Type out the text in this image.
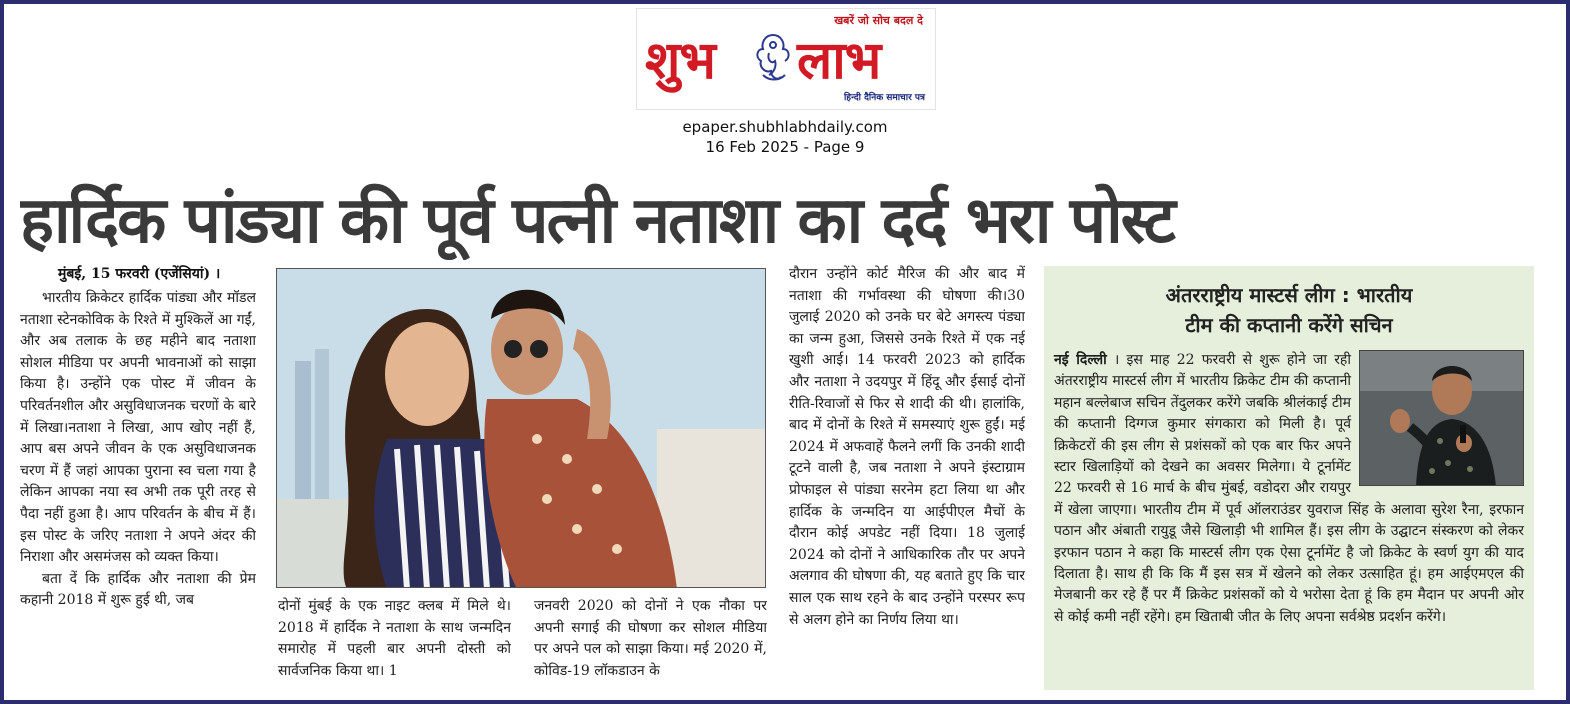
खबरें जो सोच बदल दे
शुभ लाभ
हिन्दी दैनिक समाचार पत्र
epaper.shubhlabhdaily.com
16 Feb 2025 - Page 9
हार्दिक पांड्या की पूर्व पत्नी नताशा का दर्द भरा पोस्ट
मुंबई, 15 फरवरी (एजेंसियां) ।

भारतीय क्रिकेटर हार्दिक पांड्या और मॉडल नताशा स्टेनकोविक के रिश्ते में मुश्किलें आ गईं, और अब तलाक के छह महीने बाद नताशा सोशल मीडिया पर अपनी भावनाओं को साझा किया है। उन्होंने एक पोस्ट में जीवन के परिवर्तनशील और असुविधाजनक चरणों के बारे में लिखा।नताशा ने लिखा, आप खोए नहीं हैं, आप बस अपने जीवन के एक असुविधाजनक चरण में हैं जहां आपका पुराना स्व चला गया है लेकिन आपका नया स्व अभी तक पूरी तरह से पैदा नहीं हुआ है। आप परिवर्तन के बीच में हैं। इस पोस्ट के जरिए नताशा ने अपने अंदर की निराशा और असमंजस को व्यक्त किया।

बता दें कि हार्दिक और नताशा की प्रेम कहानी 2018 में शुरू हुई थी, जब	दोनों मुंबई के एक नाइट क्लब में मिले थे। 2018 में हार्दिक ने नताशा के साथ जन्मदिन समारोह में पहली बार अपनी दोस्ती को सार्वजनिक किया था। 1
जनवरी 2020 को दोनों ने एक नौका पर अपनी सगाई की घोषणा कर सोशल मीडिया पर अपने पल को साझा किया। मई 2020 में, कोविड-19 लॉकडाउन के
दौरान उन्होंने कोर्ट मैरिज की और बाद में नताशा की गर्भावस्था की घोषणा की।30 जुलाई 2020 को उनके घर बेटे अगस्त्य पंड्या का जन्म हुआ, जिससे उनके रिश्ते में एक नई खुशी आई। 14 फरवरी 2023 को हार्दिक और नताशा ने उदयपुर में हिंदू और ईसाई दोनों रीति-रिवाजों से फिर से शादी की थी। हालांकि, बाद में दोनों के रिश्ते में समस्याएं शुरू हुईं। मई 2024 में अफवाहें फैलने लगीं कि उनकी शादी टूटने वाली है, जब नताशा ने अपने इंस्टाग्राम प्रोफाइल से पांड्या सरनेम हटा लिया था और हार्दिक के जन्मदिन या आईपीएल मैचों के दौरान कोई अपडेट नहीं दिया। 18 जुलाई 2024 को दोनों ने आधिकारिक तौर पर अपने अलगाव की घोषणा की, यह बताते हुए कि चार साल एक साथ रहने के बाद उन्होंने परस्पर रूप से अलग होने का निर्णय लिया था।
अंतरराष्ट्रीय मास्टर्स लीग : भारतीय
टीम की कप्तानी करेंगे सचिन
नई दिल्ली । इस माह 22 फरवरी से शुरू होने जा रही अंतरराष्ट्रीय मास्टर्स लीग में भारतीय क्रिकेट टीम की कप्तानी महान बल्लेबाज सचिन तेंदुलकर करेंगे जबकि श्रीलंकाई टीम की कप्तानी दिग्गज कुमार संगकारा को मिली है। पूर्व क्रिकेटरों की इस लीग से प्रशंसकों को एक बार फिर अपने स्टार खिलाड़ियों को देखने का अवसर मिलेगा। ये टूर्नामेंट 22 फरवरी से 16 मार्च के बीच मुंबई, वडोदरा और रायपुर में खेला जाएगा। भारतीय टीम में पूर्व ऑलराउंडर युवराज सिंह के अलावा सुरेश रैना, इरफान पठान और अंबाती रायुडू जैसे खिलाड़ी भी शामिल हैं। इस लीग के उद्घाटन संस्करण को लेकर इरफान पठान ने कहा कि मास्टर्स लीग एक ऐसा टूर्नामेंट है जो क्रिकेट के स्वर्ण युग की याद दिलाता है। साथ ही कि कि मैं इस सत्र में खेलने को लेकर उत्साहित हूं। हम आईएमएल की मेजबानी कर रहे हैं पर मैं क्रिकेट प्रशंसकों को ये भरोसा देता हूं कि हम मैदान पर अपनी ओर से कोई कमी नहीं रहेंगे। हम खिताबी जीत के लिए अपना सर्वश्रेष्ठ प्रदर्शन करेंगे।
